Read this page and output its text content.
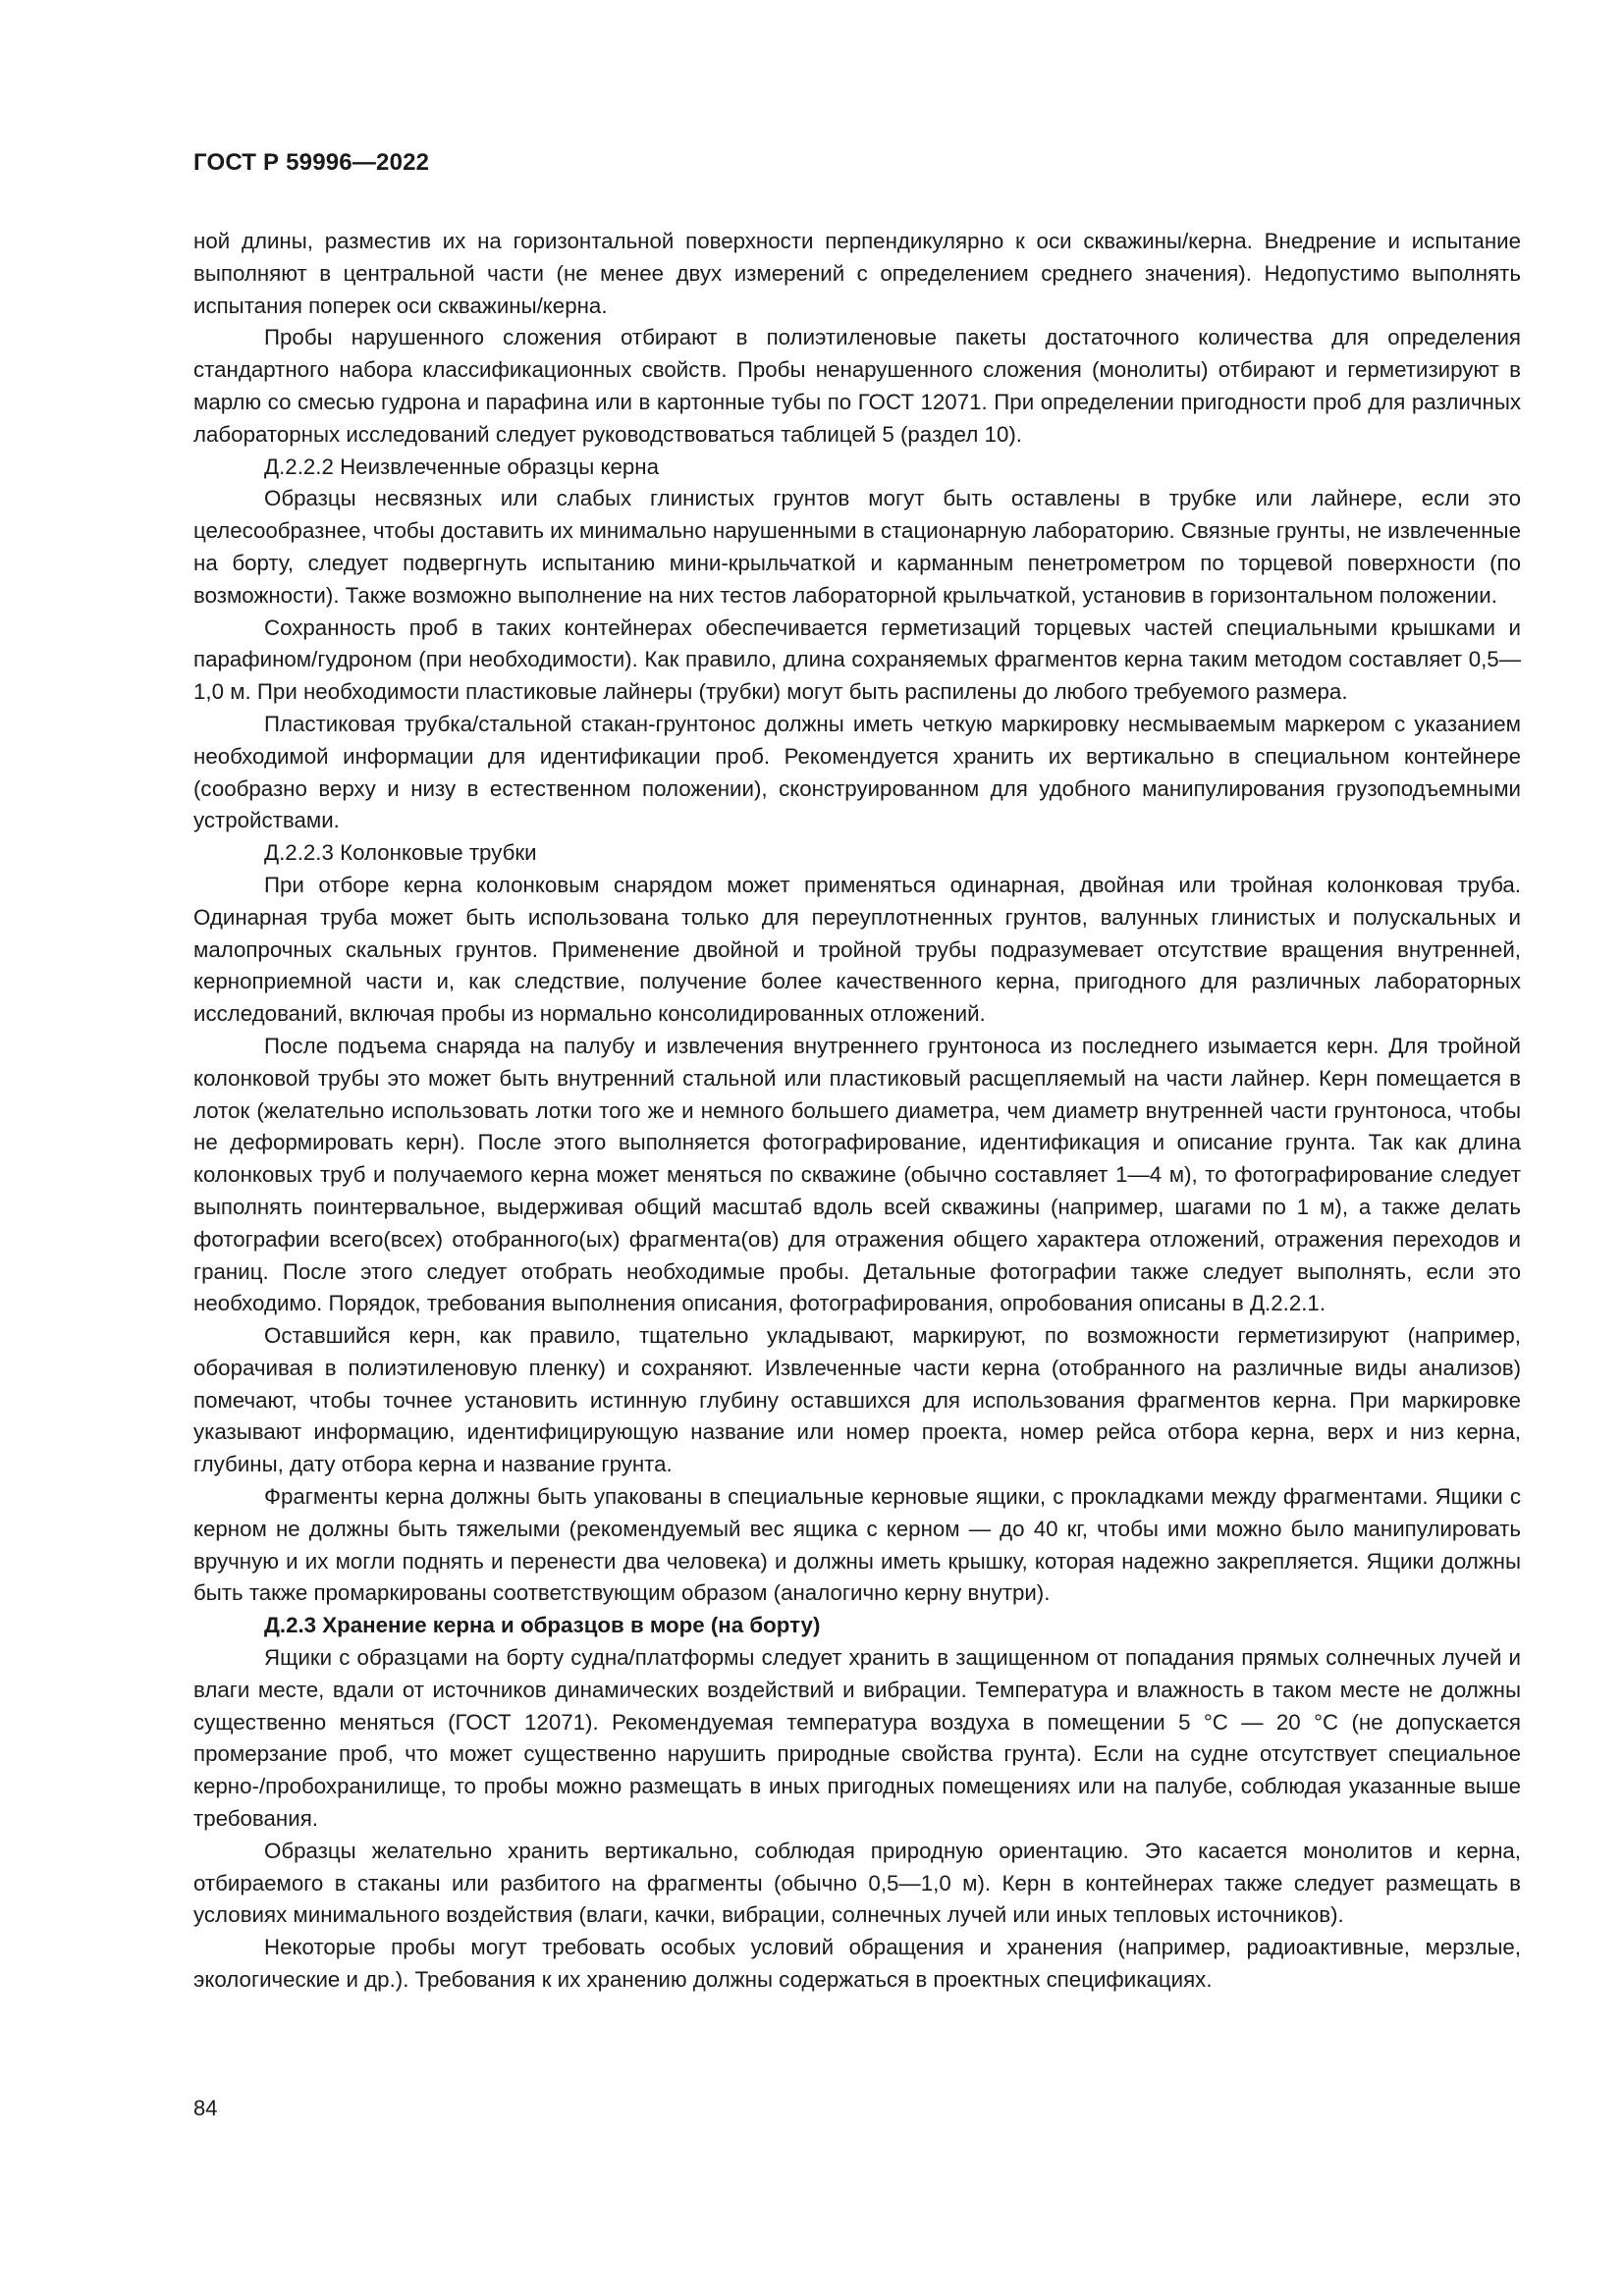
ГОСТ Р 59996—2022

ной длины, разместив их на горизонтальной поверхности перпендикулярно к оси скважины/керна. Внедрение и испытание выполняют в центральной части (не менее двух измерений с определением среднего значения). Недопустимо выполнять испытания поперек оси скважины/керна.

Пробы нарушенного сложения отбирают в полиэтиленовые пакеты достаточного количества для определения стандартного набора классификационных свойств. Пробы ненарушенного сложения (монолиты) отбирают и герметизируют в марлю со смесью гудрона и парафина или в картонные тубы по ГОСТ 12071. При определении пригодности проб для различных лабораторных исследований следует руководствоваться таблицей 5 (раздел 10).

Д.2.2.2 Неизвлеченные образцы керна

Образцы несвязных или слабых глинистых грунтов могут быть оставлены в трубке или лайнере, если это целесообразнее, чтобы доставить их минимально нарушенными в стационарную лабораторию. Связные грунты, не извлеченные на борту, следует подвергнуть испытанию мини-крыльчаткой и карманным пенетрометром по торцевой поверхности (по возможности). Также возможно выполнение на них тестов лабораторной крыльчаткой, установив в горизонтальном положении.

Сохранность проб в таких контейнерах обеспечивается герметизаций торцевых частей специальными крышками и парафином/гудроном (при необходимости). Как правило, длина сохраняемых фрагментов керна таким методом составляет 0,5—1,0 м. При необходимости пластиковые лайнеры (трубки) могут быть распилены до любого требуемого размера.

Пластиковая трубка/стальной стакан-грунтонос должны иметь четкую маркировку несмываемым маркером с указанием необходимой информации для идентификации проб. Рекомендуется хранить их вертикально в специальном контейнере (сообразно верху и низу в естественном положении), сконструированном для удобного манипулирования грузоподъемными устройствами.

Д.2.2.3 Колонковые трубки

При отборе керна колонковым снарядом может применяться одинарная, двойная или тройная колонковая труба. Одинарная труба может быть использована только для переуплотненных грунтов, валунных глинистых и полускальных и малопрочных скальных грунтов. Применение двойной и тройной трубы подразумевает отсутствие вращения внутренней, кернoприемной части и, как следствие, получение более качественного керна, пригодного для различных лабораторных исследований, включая пробы из нормально консолидированных отложений.

После подъема снаряда на палубу и извлечения внутреннего грунтоноса из последнего изымается керн. Для тройной колонковой трубы это может быть внутренний стальной или пластиковый расщепляемый на части лайнер. Керн помещается в лоток (желательно использовать лотки того же и немного большего диаметра, чем диаметр внутренней части грунтоноса, чтобы не деформировать керн). После этого выполняется фотографирование, идентификация и описание грунта. Так как длина колонковых труб и получаемого керна может меняться по скважине (обычно составляет 1—4 м), то фотографирование следует выполнять поинтервальное, выдерживая общий масштаб вдоль всей скважины (например, шагами по 1 м), а также делать фотографии всего(всех) отобранного(ых) фрагмента(ов) для отражения общего характера отложений, отражения переходов и границ. После этого следует отобрать необходимые пробы. Детальные фотографии также следует выполнять, если это необходимо. Порядок, требования выполнения описания, фотографирования, опробования описаны в Д.2.2.1.

Оставшийся керн, как правило, тщательно укладывают, маркируют, по возможности герметизируют (например, оборачивая в полиэтиленовую пленку) и сохраняют. Извлеченные части керна (отобранного на различные виды анализов) помечают, чтобы точнее установить истинную глубину оставшихся для использования фрагментов керна. При маркировке указывают информацию, идентифицирующую название или номер проекта, номер рейса отбора керна, верх и низ керна, глубины, дату отбора керна и название грунта.

Фрагменты керна должны быть упакованы в специальные керновые ящики, с прокладками между фрагментами. Ящики с керном не должны быть тяжелыми (рекомендуемый вес ящика с керном — до 40 кг, чтобы ими можно было манипулировать вручную и их могли поднять и перенести два человека) и должны иметь крышку, которая надежно закрепляется. Ящики должны быть также промаркированы соответствующим образом (аналогично керну внутри).

Д.2.3 Хранение керна и образцов в море (на борту)

Ящики с образцами на борту судна/платформы следует хранить в защищенном от попадания прямых солнечных лучей и влаги месте, вдали от источников динамических воздействий и вибрации. Температура и влажность в таком месте не должны существенно меняться (ГОСТ 12071). Рекомендуемая температура воздуха в помещении 5 °С — 20 °С (не допускается промерзание проб, что может существенно нарушить природные свойства грунта). Если на судне отсутствует специальное керно-/пробохранилище, то пробы можно размещать в иных пригодных помещениях или на палубе, соблюдая указанные выше требования.

Образцы желательно хранить вертикально, соблюдая природную ориентацию. Это касается монолитов и керна, отбираемого в стаканы или разбитого на фрагменты (обычно 0,5—1,0 м). Керн в контейнерах также следует размещать в условиях минимального воздействия (влаги, качки, вибрации, солнечных лучей или иных тепловых источников).

Некоторые пробы могут требовать особых условий обращения и хранения (например, радиоактивные, мерзлые, экологические и др.). Требования к их хранению должны содержаться в проектных спецификациях.

84
